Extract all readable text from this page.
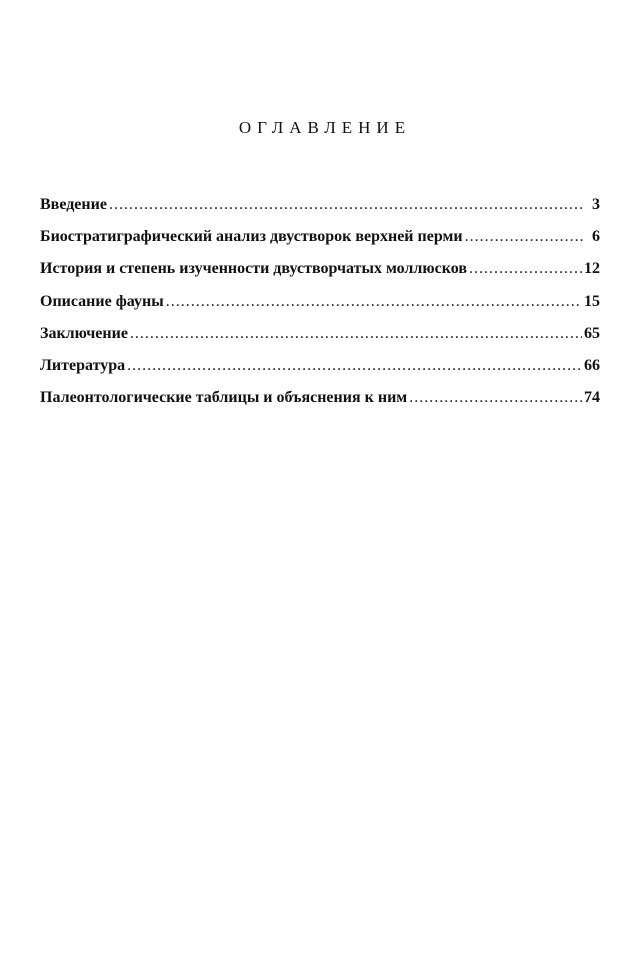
ОГЛАВЛЕНИЕ
Введение .....	3
Биостратиграфический анализ двустворок верхней перми .....	6
История и степень изученности двустворчатых моллюсков .....	12
Описание фауны .....	15
Заключение .....	65
Литература .....	66
Палеонтологические таблицы и объяснения к ним .....	74
